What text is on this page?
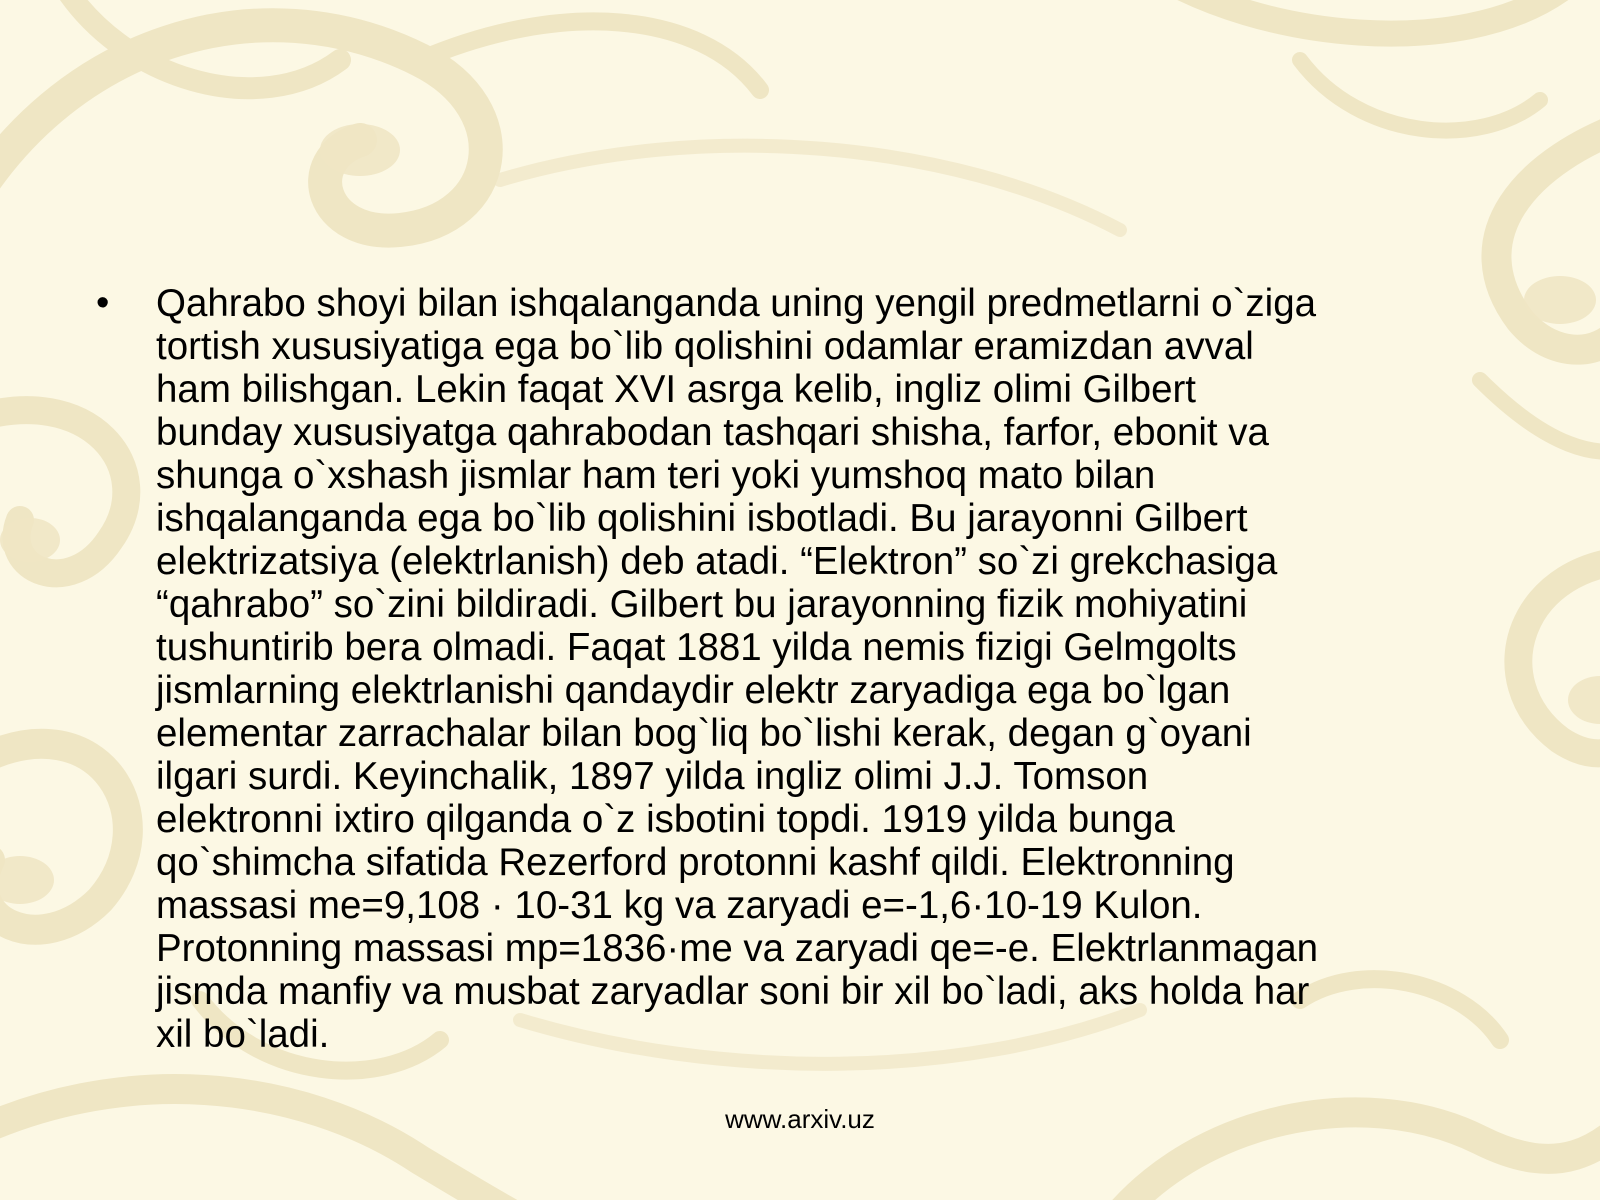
•	Qahrabo shoyi bilan ishqalanganda uning yengil predmetlarni o`ziga
tortish xususiyatiga ega bo`lib qolishini odamlar eramizdan avval
ham bilishgan. Lekin faqat XVI asrga kelib, ingliz olimi Gilbert
bunday xususiyatga qahrabodan tashqari shisha, farfor, ebonit va
shunga o`xshash jismlar ham teri yoki yumshoq mato bilan
ishqalanganda ega bo`lib qolishini isbotladi. Bu jarayonni Gilbert
elektrizatsiya (elektrlanish) deb atadi. “Elektron” so`zi grekchasiga
“qahrabo” so`zini bildiradi. Gilbert bu jarayonning fizik mohiyatini
tushuntirib bera olmadi. Faqat 1881 yilda nemis fizigi Gelmgolts
jismlarning elektrlanishi qandaydir elektr zaryadiga ega bo`lgan
elementar zarrachalar bilan bog`liq bo`lishi kerak, degan g`oyani
ilgari surdi. Keyinchalik, 1897 yilda ingliz olimi J.J. Tomson
elektronni ixtiro qilganda o`z isbotini topdi. 1919 yilda bunga
qo`shimcha sifatida Rezerford protonni kashf qildi. Elektronning
massasi me=9,108 · 10-31 kg va zaryadi e=-1,6·10-19 Kulon.
Protonning massasi mp=1836·me va zaryadi qe=-e. Elektrlanmagan
jismda manfiy va musbat zaryadlar soni bir xil bo`ladi, aks holda har
xil bo`ladi.
www.arxiv.uz
